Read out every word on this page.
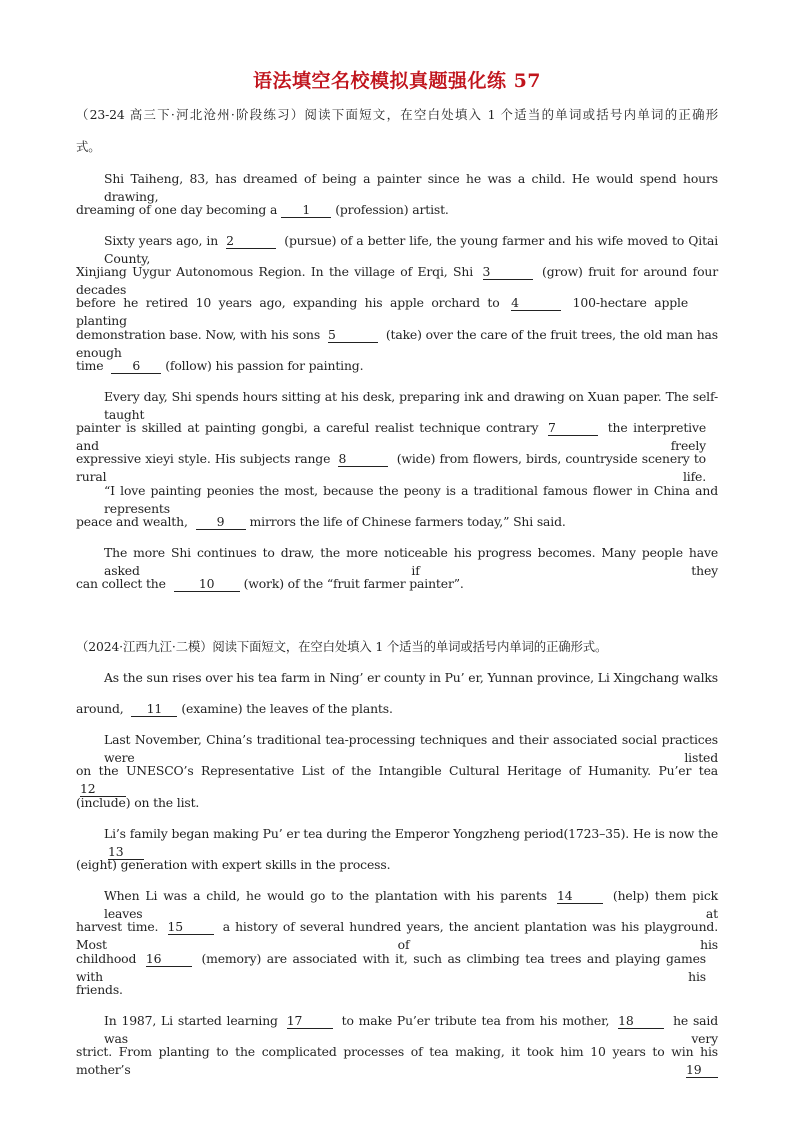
语法填空名校模拟真题强化练 57
（23-24 高三下·河北沧州·阶段练习）阅读下面短文，在空白处填入 1 个适当的单词或括号内单词的正确形
式。
Shi Taiheng, 83, has dreamed of being a painter since he was a child. He would spend hours drawing,
dreaming of one day becoming a 1 (profession) artist.
Sixty years ago, in 2	(pursue) of a better life, the young farmer and his wife moved to Qitai County,
Xinjiang Uygur Autonomous Region. In the village of Erqi, Shi 3	(grow) fruit for around four decades
before he retired 10 years ago, expanding his apple orchard to 4	100-hectare apple planting
demonstration base. Now, with his sons 5	(take) over the care of the fruit trees, the old man has enough
time 6 (follow) his passion for painting.
Every day, Shi spends hours sitting at his desk, preparing ink and drawing on Xuan paper. The self-taught
painter is skilled at painting gongbi, a careful realist technique contrary 7	the interpretive and freely
expressive xieyi style. His subjects range 8	(wide) from flowers, birds, countryside scenery to rural life.
“I love painting peonies the most, because the peony is a traditional famous flower in China and represents
peace and wealth, 9 mirrors the life of Chinese farmers today,” Shi said.
The more Shi continues to draw, the more noticeable his progress becomes. Many people have asked if they
can collect the	10 (work) of the “fruit farmer painter”.
（2024·江西九江·二模）阅读下面短文，在空白处填入 1 个适当的单词或括号内单词的正确形式。
As the sun rises over his tea farm in Ning’ er county in Pu’ er, Yunnan province, Li Xingchang walks
around, 11 (examine) the leaves of the plants.
Last November, China’s traditional tea-processing techniques and their associated social practices were listed
on the UNESCO’s Representative List of the Intangible Cultural Heritage of Humanity. Pu’er tea 12
(include) on the list.
Li’s family began making Pu’ er tea during the Emperor Yongzheng period(1723–35). He is now the 13
(eight) generation with expert skills in the process.
When Li was a child, he would go to the plantation with his parents 14	(help) them pick leaves at
harvest time. 15	a history of several hundred years, the ancient plantation was his playground. Most of his
childhood 16	(memory) are associated with it, such as climbing tea trees and playing games with his
friends.
In 1987, Li started learning 17	to make Pu’er tribute tea from his mother, 18	he said was very
strict. From planting to the complicated processes of tea making, it took him 10 years to win his mother’s	19
